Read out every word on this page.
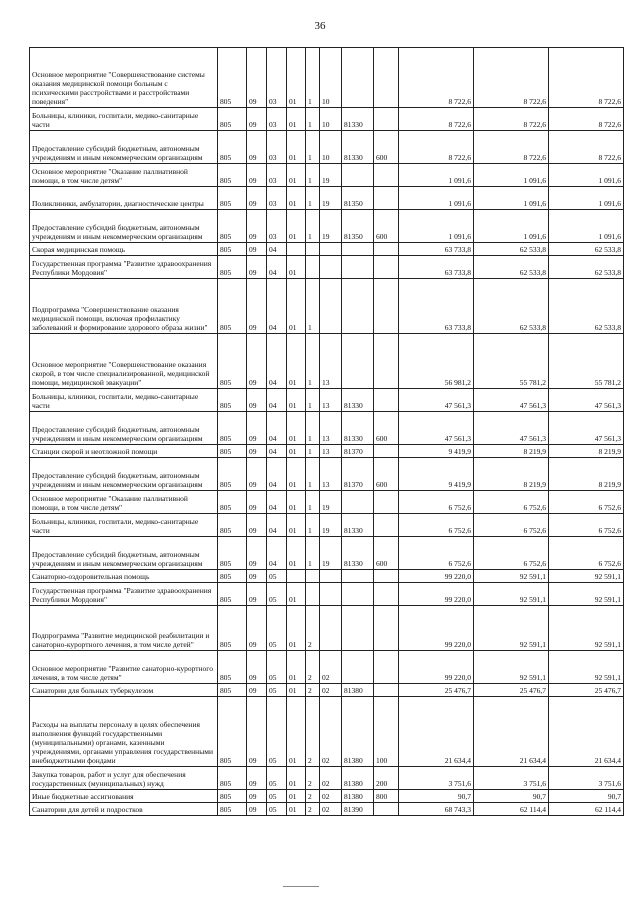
36
Основное мероприятие "Совершенствование системы оказания медицинской помощи больным с психическими расстройствами и расстройствами поведения"	805	09	03	01	1	10			8 722,6	8 722,6	8 722,6
Больницы, клиники, госпитали, медико-санитарные части	805	09	03	01	1	10	81330		8 722,6	8 722,6	8 722,6
Предоставление субсидий бюджетным, автономным учреждениям и иным некоммерческим организациям	805	09	03	01	1	10	81330	600	8 722,6	8 722,6	8 722,6
Основное мероприятие "Оказание паллиативной помощи, в том числе детям"	805	09	03	01	1	19			1 091,6	1 091,6	1 091,6
Поликлиники, амбулатории, диагностические центры	805	09	03	01	1	19	81350		1 091,6	1 091,6	1 091,6
Предоставление субсидий бюджетным, автономным учреждениям и иным некоммерческим организациям	805	09	03	01	1	19	81350	600	1 091,6	1 091,6	1 091,6
Скорая медицинская помощь	805	09	04						63 733,8	62 533,8	62 533,8
Государственная программа "Развитие здравоохранения Республики Мордовия"	805	09	04	01					63 733,8	62 533,8	62 533,8
Подпрограмма "Совершенствование оказания медицинской помощи, включая профилактику заболеваний и формирование здорового образа жизни"	805	09	04	01	1				63 733,8	62 533,8	62 533,8
Основное мероприятие "Совершенствование оказания скорой, в том числе специализированной, медицинской помощи, медицинской эвакуации"	805	09	04	01	1	13			56 981,2	55 781,2	55 781,2
Больницы, клиники, госпитали, медико-санитарные части	805	09	04	01	1	13	81330		47 561,3	47 561,3	47 561,3
Предоставление субсидий бюджетным, автономным учреждениям и иным некоммерческим организациям	805	09	04	01	1	13	81330	600	47 561,3	47 561,3	47 561,3
Станции скорой и неотложной помощи	805	09	04	01	1	13	81370		9 419,9	8 219,9	8 219,9
Предоставление субсидий бюджетным, автономным учреждениям и иным некоммерческим организациям	805	09	04	01	1	13	81370	600	9 419,9	8 219,9	8 219,9
Основное мероприятие "Оказание паллиативной помощи, в том числе детям"	805	09	04	01	1	19			6 752,6	6 752,6	6 752,6
Больницы, клиники, госпитали, медико-санитарные части	805	09	04	01	1	19	81330		6 752,6	6 752,6	6 752,6
Предоставление субсидий бюджетным, автономным учреждениям и иным некоммерческим организациям	805	09	04	01	1	19	81330	600	6 752,6	6 752,6	6 752,6
Санаторно-оздоровительная помощь	805	09	05						99 220,0	92 591,1	92 591,1
Государственная программа "Развитие здравоохранения Республики Мордовия"	805	09	05	01					99 220,0	92 591,1	92 591,1
Подпрограмма "Развитие медицинской реабилитации и санаторно-курортного лечения, в том числе детей"	805	09	05	01	2				99 220,0	92 591,1	92 591,1
Основное мероприятие "Развитие санаторно-курортного лечения, в том числе детям"	805	09	05	01	2	02			99 220,0	92 591,1	92 591,1
Санатории для больных туберкулезом	805	09	05	01	2	02	81380		25 476,7	25 476,7	25 476,7
Расходы на выплаты персоналу в целях обеспечения выполнения функций государственными (муниципальными) органами, казенными учреждениями, органами управления государственными внебюджетными фондами	805	09	05	01	2	02	81380	100	21 634,4	21 634,4	21 634,4
Закупка товаров, работ и услуг для обеспечения государственных (муниципальных) нужд	805	09	05	01	2	02	81380	200	3 751,6	3 751,6	3 751,6
Иные бюджетные ассигнования	805	09	05	01	2	02	81380	800	90,7	90,7	90,7
Санатории для детей и подростков	805	09	05	01	2	02	81390		68 743,3	62 114,4	62 114,4
